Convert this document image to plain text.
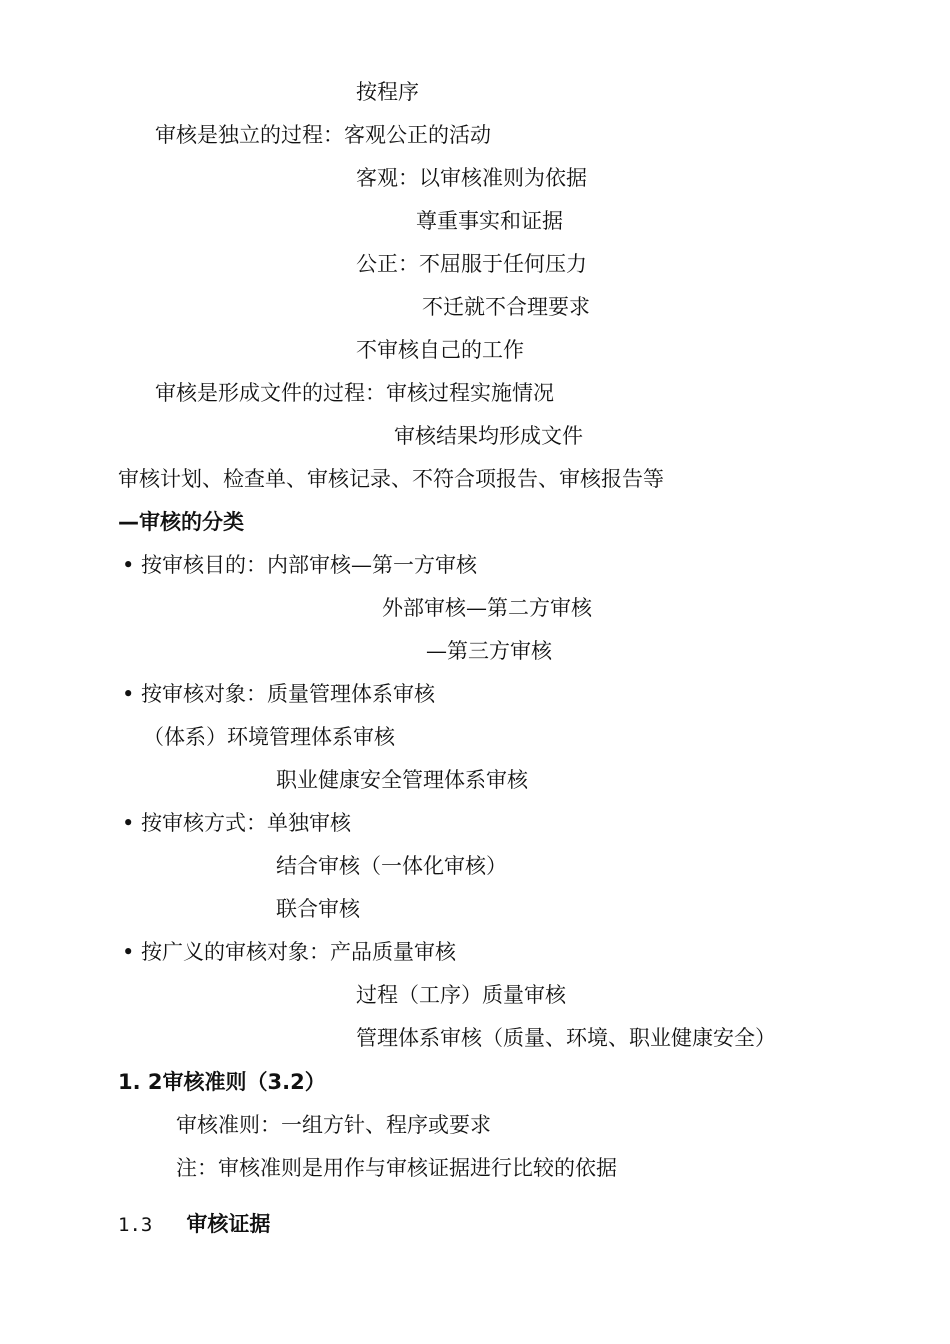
按程序
审核是独立的过程：客观公正的活动
客观：以审核准则为依据
尊重事实和证据
公正：不屈服于任何压力
不迁就不合理要求
不审核自己的工作
审核是形成文件的过程：审核过程实施情况
审核结果均形成文件
审核计划、检查单、审核记录、不符合项报告、审核报告等
—审核的分类
• 按审核目的：内部审核—第一方审核
外部审核—第二方审核
—第三方审核
• 按审核对象：质量管理体系审核
（体系）环境管理体系审核
职业健康安全管理体系审核
• 按审核方式：单独审核
结合审核（一体化审核）
联合审核
• 按广义的审核对象：产品质量审核
过程（工序）质量审核
管理体系审核（质量、环境、职业健康安全）
1. 2审核准则（3.2）
审核准则：一组方针、程序或要求
注：审核准则是用作与审核证据进行比较的依据
1.3 审核证据
